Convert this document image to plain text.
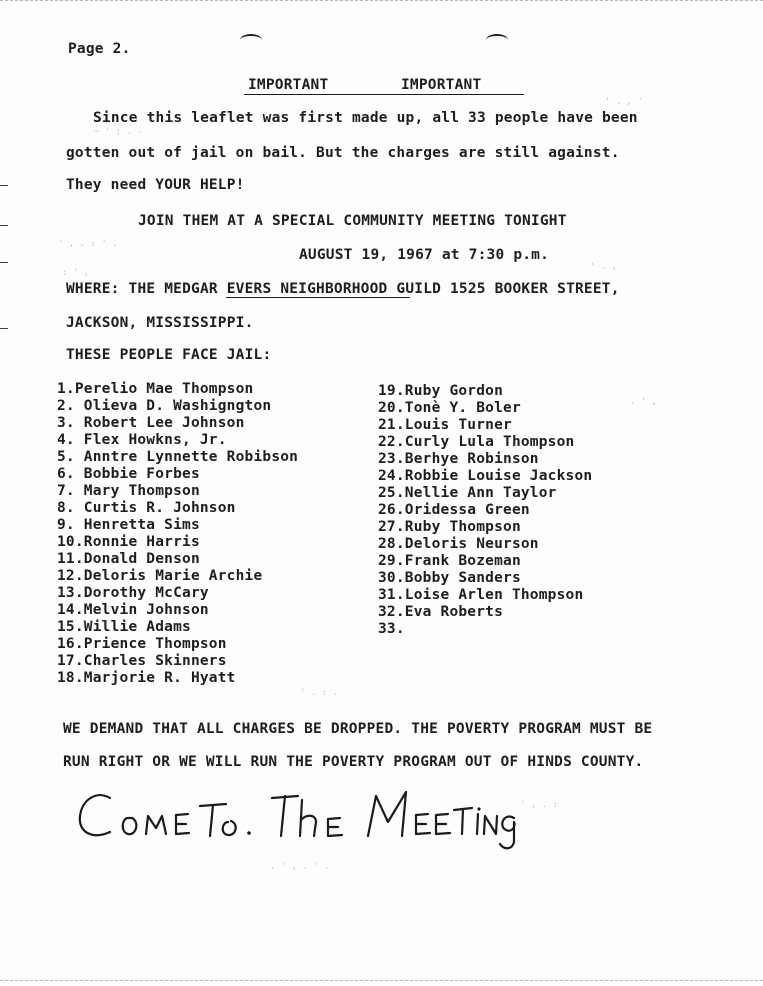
Page 2.
IMPORTANT	IMPORTANT
Since this leaflet was first made up, all 33 people have been
gotten out of jail on bail. But the charges are still against.
They need YOUR HELP!
JOIN THEM AT A SPECIAL COMMUNITY MEETING TONIGHT
AUGUST 19, 1967 at 7:30 p.m.
WHERE: THE MEDGAR EVERS NEIGHBORHOOD GUILD 1525 BOOKER STREET,
JACKSON, MISSISSIPPI.
THESE PEOPLE FACE JAIL:
1.Perelio Mae Thompson
2. Olieva D. Washigngton
3. Robert Lee Johnson
4. Flex Howkns, Jr.
5. Anntre Lynnette Robibson
6. Bobbie Forbes
7. Mary Thompson
8. Curtis R. Johnson
9. Henretta Sims
10.Ronnie Harris
11.Donald Denson
12.Deloris Marie Archie
13.Dorothy McCary
14.Melvin Johnson
15.Willie Adams
16.Prience Thompson
17.Charles Skinners
18.Marjorie R. Hyatt
19.Ruby Gordon
20.Tonè Y. Boler
21.Louis Turner
22.Curly Lula Thompson
23.Berhye Robinson
24.Robbie Louise Jackson
25.Nellie Ann Taylor
26.Oridessa Green
27.Ruby Thompson
28.Deloris Neurson
29.Frank Bozeman
30.Bobby Sanders
31.Loise Arlen Thompson
32.Eva Roberts
33.
WE DEMAND THAT ALL CHARGES BE DROPPED. THE POVERTY PROGRAM MUST BE
RUN RIGHT OR WE WILL RUN THE POVERTY PROGRAM OUT OF HINDS COUNTY.
~ ' : . -
' . , '
' , . : ' .
: ' ,
' . ,
. ' ,
' . : .
' , . :
. ' , . ' .
